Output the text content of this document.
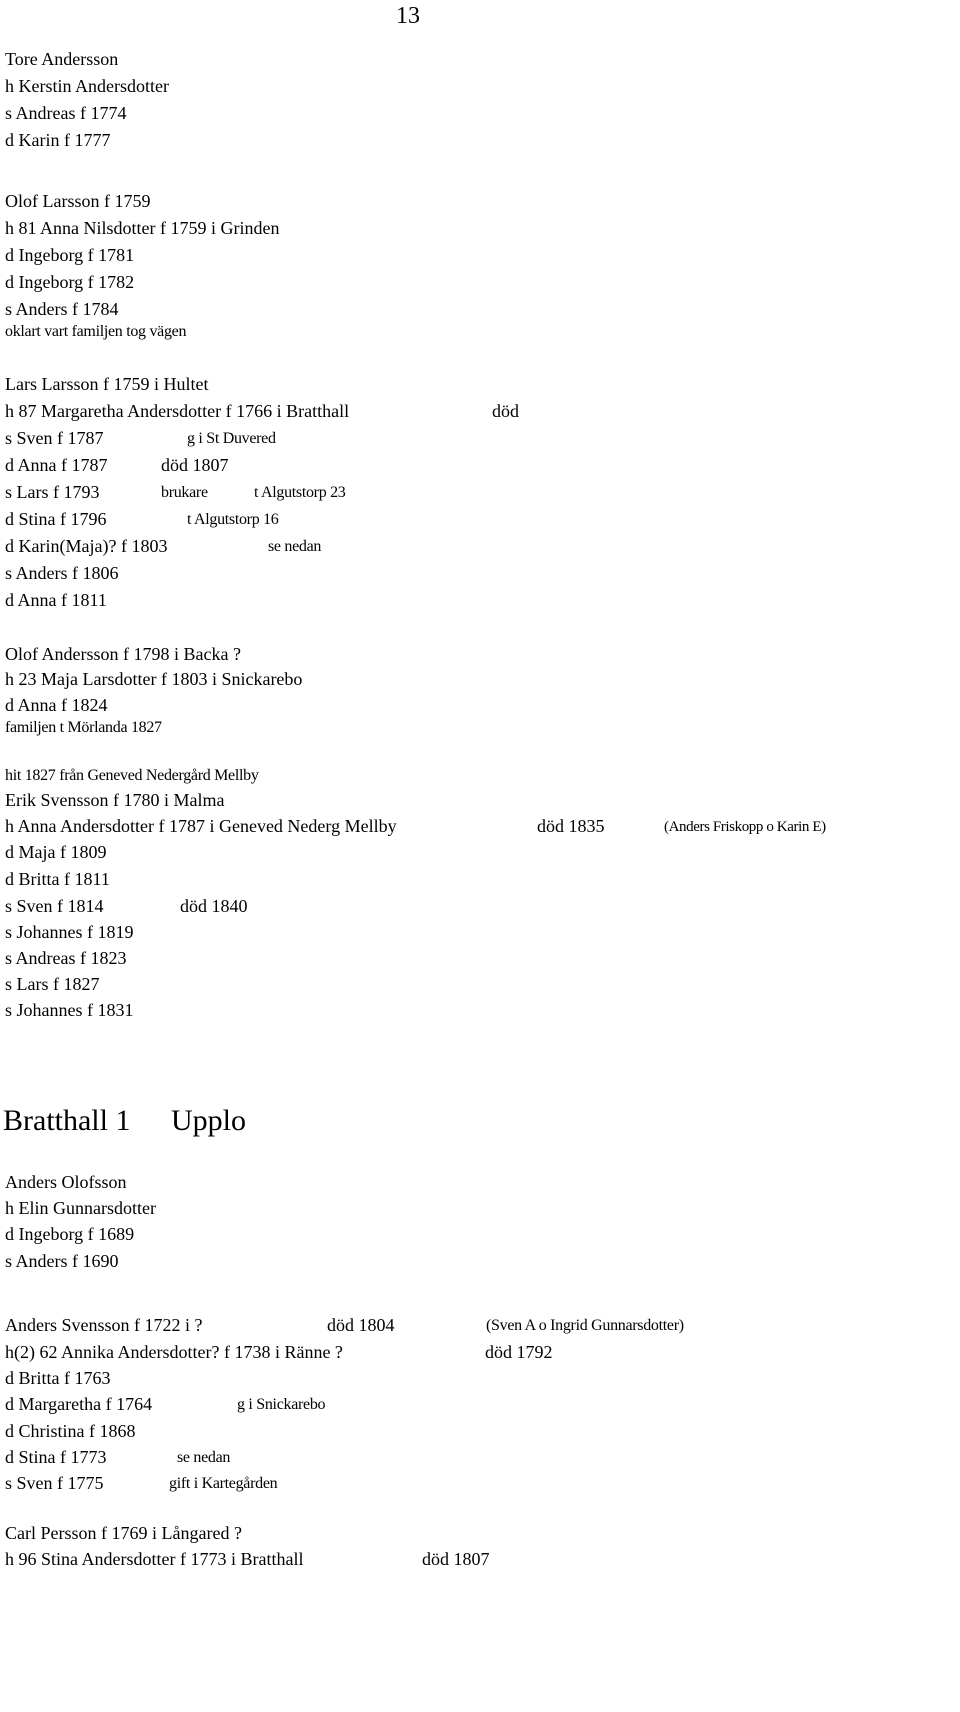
13
Tore Andersson
h Kerstin Andersdotter
s Andreas f 1774
d Karin f 1777
Olof Larsson f 1759
h 81 Anna Nilsdotter f 1759 i Grinden
d Ingeborg f 1781
d Ingeborg f 1782
s Anders f 1784
oklart vart familjen tog vägen
Lars Larsson f 1759 i Hultet
h 87 Margaretha Andersdotter f 1766 i Bratthall	död
s Sven f 1787	g i St Duvered
d Anna f 1787	död 1807
s Lars f 1793	brukare	t Algutstorp 23
d Stina f 1796	t Algutstorp 16
d Karin(Maja)? f 1803	se nedan
s Anders f 1806
d Anna f 1811
Olof Andersson f 1798 i Backa ?
h 23 Maja Larsdotter f 1803 i Snickarebo
d Anna f 1824
familjen t Mörlanda 1827
hit 1827 från Geneved Nedergård Mellby
Erik Svensson f 1780 i Malma
h Anna Andersdotter f 1787 i Geneved Nederg Mellby	död 1835	(Anders Friskopp o Karin E)
d Maja f 1809
d Britta f 1811
s Sven f 1814	död 1840
s Johannes f 1819
s Andreas f 1823
s Lars f 1827
s Johannes f 1831
Bratthall 1 Upplo
Anders Olofsson
h Elin Gunnarsdotter
d Ingeborg f 1689
s Anders f 1690
Anders Svensson f 1722 i ?	död 1804	(Sven A o Ingrid Gunnarsdotter)
h(2) 62 Annika Andersdotter? f 1738 i Ränne ?	död 1792
d Britta f 1763
d Margaretha f 1764	g i Snickarebo
d Christina f 1868
d Stina f 1773	se nedan
s Sven f 1775	gift i Kartegården
Carl Persson f 1769 i Långared ?
h 96 Stina Andersdotter f 1773 i Bratthall	död 1807
